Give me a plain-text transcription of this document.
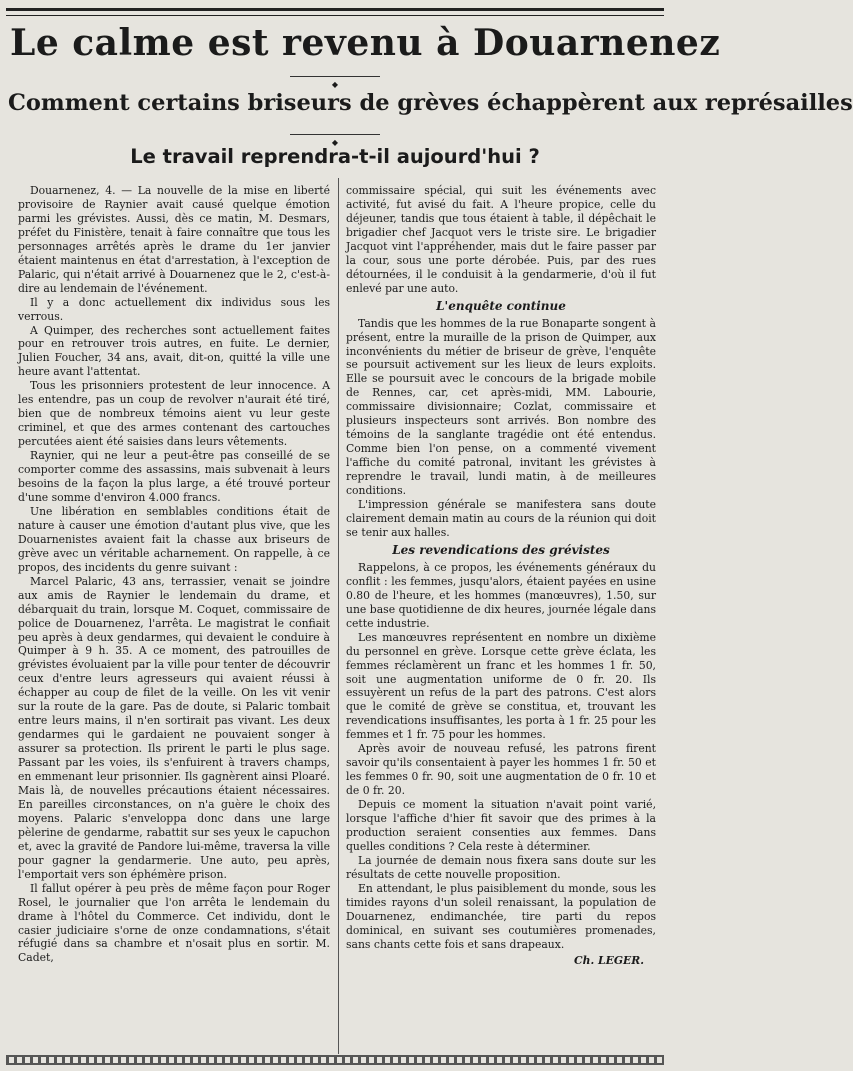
Le calme est revenu à Douarnenez
◆
Comment certains briseurs de grèves échappèrent aux représailles
◆
Le travail reprendra-t-il aujourd'hui ?

Douarnenez, 4. — La nouvelle de la mise en liberté provisoire de Raynier avait causé quelque émotion parmi les grévistes. Aussi, dès ce matin, M. Desmars, préfet du Finistère, tenait à faire connaître que tous les personnages arrêtés après le drame du 1er janvier étaient maintenus en état d'arrestation, à l'exception de Palaric, qui n'était arrivé à Douarnenez que le 2, c'est-à-dire au lendemain de l'événement.

Il y a donc actuellement dix individus sous les verrous.

A Quimper, des recherches sont actuellement faites pour en retrouver trois autres, en fuite. Le dernier, Julien Foucher, 34 ans, avait, dit-on, quitté la ville une heure avant l'attentat.

Tous les prisonniers protestent de leur innocence. A les entendre, pas un coup de revolver n'aurait été tiré, bien que de nombreux témoins aient vu leur geste criminel, et que des armes contenant des cartouches percutées aient été saisies dans leurs vêtements.

Raynier, qui ne leur a peut-être pas conseillé de se comporter comme des assassins, mais subvenait à leurs besoins de la façon la plus large, a été trouvé porteur d'une somme d'environ 4.000 francs.

Une libération en semblables conditions était de nature à causer une émotion d'autant plus vive, que les Douarnenistes avaient fait la chasse aux briseurs de grève avec un véritable acharnement. On rappelle, à ce propos, des incidents du genre suivant :

Marcel Palaric, 43 ans, terrassier, venait se joindre aux amis de Raynier le lendemain du drame, et débarquait du train, lorsque M. Coquet, commissaire de police de Douarnenez, l'arrêta. Le magistrat le confiait peu après à deux gendarmes, qui devaient le conduire à Quimper à 9 h. 35. A ce moment, des patrouilles de grévistes évoluaient par la ville pour tenter de découvrir ceux d'entre leurs agresseurs qui avaient réussi à échapper au coup de filet de la veille. On les vit venir sur la route de la gare. Pas de doute, si Palaric tombait entre leurs mains, il n'en sortirait pas vivant. Les deux gendarmes qui le gardaient ne pouvaient songer à assurer sa protection. Ils prirent le parti le plus sage. Passant par les voies, ils s'enfuirent à travers champs, en emmenant leur prisonnier. Ils gagnèrent ainsi Ploaré. Mais là, de nouvelles précautions étaient nécessaires. En pareilles circonstances, on n'a guère le choix des moyens. Palaric s'enveloppa donc dans une large pèlerine de gendarme, rabattit sur ses yeux le capuchon et, avec la gravité de Pandore lui-même, traversa la ville pour gagner la gendarmerie. Une auto, peu après, l'emportait vers son éphémère prison.

Il fallut opérer à peu près de même façon pour Roger Rosel, le journalier que l'on arrêta le lendemain du drame à l'hôtel du Commerce. Cet individu, dont le casier judiciaire s'orne de onze condamnations, s'était réfugié dans sa chambre et n'osait plus en sortir. M. Cadet,

commissaire spécial, qui suit les événements avec activité, fut avisé du fait. A l'heure propice, celle du déjeuner, tandis que tous étaient à table, il dépêchait le brigadier chef Jacquot vers le triste sire. Le brigadier Jacquot vint l'appréhender, mais dut le faire passer par la cour, sous une porte dérobée. Puis, par des rues détournées, il le conduisit à la gendarmerie, d'où il fut enlevé par une auto.

L'enquête continue

Tandis que les hommes de la rue Bonaparte songent à présent, entre la muraille de la prison de Quimper, aux inconvénients du métier de briseur de grève, l'enquête se poursuit activement sur les lieux de leurs exploits. Elle se poursuit avec le concours de la brigade mobile de Rennes, car, cet après-midi, MM. Labourie, commissaire divisionnaire; Cozlat, commissaire et plusieurs inspecteurs sont arrivés. Bon nombre des témoins de la sanglante tragédie ont été entendus. Comme bien l'on pense, on a commenté vivement l'affiche du comité patronal, invitant les grévistes à reprendre le travail, lundi matin, à de meilleures conditions.

L'impression générale se manifestera sans doute clairement demain matin au cours de la réunion qui doit se tenir aux halles.

Les revendications des grévistes

Rappelons, à ce propos, les événements généraux du conflit : les femmes, jusqu'alors, étaient payées en usine 0.80 de l'heure, et les hommes (manœuvres), 1.50, sur une base quotidienne de dix heures, journée légale dans cette industrie.

Les manœuvres représentent en nombre un dixième du personnel en grève. Lorsque cette grève éclata, les femmes réclamèrent un franc et les hommes 1 fr. 50, soit une augmentation uniforme de 0 fr. 20. Ils essuyèrent un refus de la part des patrons. C'est alors que le comité de grève se constitua, et, trouvant les revendications insuffisantes, les porta à 1 fr. 25 pour les femmes et 1 fr. 75 pour les hommes.

Après avoir de nouveau refusé, les patrons firent savoir qu'ils consentaient à payer les hommes 1 fr. 50 et les femmes 0 fr. 90, soit une augmentation de 0 fr. 10 et de 0 fr. 20.

Depuis ce moment la situation n'avait point varié, lorsque l'affiche d'hier fit savoir que des primes à la production seraient consenties aux femmes. Dans quelles conditions ? Cela reste à déterminer.

La journée de demain nous fixera sans doute sur les résultats de cette nouvelle proposition.

En attendant, le plus paisiblement du monde, sous les timides rayons d'un soleil renaissant, la population de Douarnenez, endimanchée, tire parti du repos dominical, en suivant ses coutumières promenades, sans chants cette fois et sans drapeaux.

Ch. LEGER.
